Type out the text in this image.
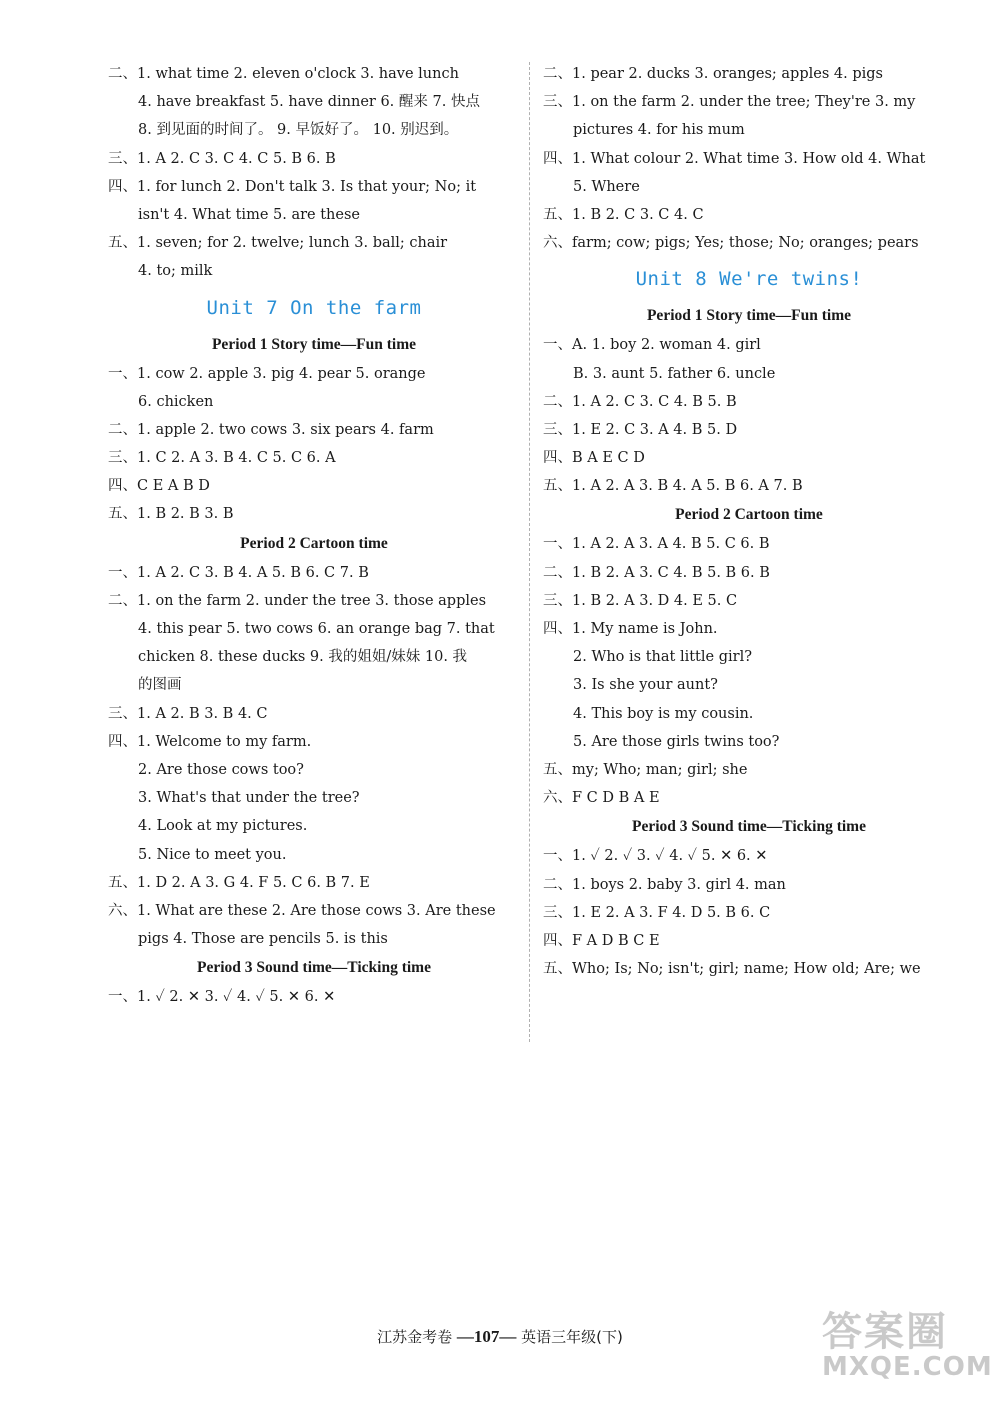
二、1. what time 2. eleven o'clock 3. have lunch
4. have breakfast 5. have dinner 6. 醒来 7. 快点
8. 到见面的时间了。 9. 早饭好了。 10. 别迟到。
三、1. A 2. C 3. C 4. C 5. B 6. B
四、1. for lunch 2. Don't talk 3. Is that your; No; it
isn't 4. What time 5. are these
五、1. seven; for 2. twelve; lunch 3. ball; chair
4. to; milk
Unit 7 On the farm
Period 1 Story time—Fun time
一、1. cow 2. apple 3. pig 4. pear 5. orange
6. chicken
二、1. apple 2. two cows 3. six pears 4. farm
三、1. C 2. A 3. B 4. C 5. C 6. A
四、C E A B D
五、1. B 2. B 3. B
Period 2 Cartoon time
一、1. A 2. C 3. B 4. A 5. B 6. C 7. B
二、1. on the farm 2. under the tree 3. those apples
4. this pear 5. two cows 6. an orange bag 7. that
chicken 8. these ducks 9. 我的姐姐/妹妹 10. 我
的图画
三、1. A 2. B 3. B 4. C
四、1. Welcome to my farm.
2. Are those cows too?
3. What's that under the tree?
4. Look at my pictures.
5. Nice to meet you.
五、1. D 2. A 3. G 4. F 5. C 6. B 7. E
六、1. What are these 2. Are those cows 3. Are these
pigs 4. Those are pencils 5. is this
Period 3 Sound time—Ticking time
一、1. ✓ 2. ✕ 3. ✓ 4. ✓ 5. ✕ 6. ✕
二、1. pear 2. ducks 3. oranges; apples 4. pigs
三、1. on the farm 2. under the tree; They're 3. my
pictures 4. for his mum
四、1. What colour 2. What time 3. How old 4. What
5. Where
五、1. B 2. C 3. C 4. C
六、farm; cow; pigs; Yes; those; No; oranges; pears
Unit 8 We're twins!
Period 1 Story time—Fun time
一、A. 1. boy 2. woman 4. girl
B. 3. aunt 5. father 6. uncle
二、1. A 2. C 3. C 4. B 5. B
三、1. E 2. C 3. A 4. B 5. D
四、B A E C D
五、1. A 2. A 3. B 4. A 5. B 6. A 7. B
Period 2 Cartoon time
一、1. A 2. A 3. A 4. B 5. C 6. B
二、1. B 2. A 3. C 4. B 5. B 6. B
三、1. B 2. A 3. D 4. E 5. C
四、1. My name is John.
2. Who is that little girl?
3. Is she your aunt?
4. This boy is my cousin.
5. Are those girls twins too?
五、my; Who; man; girl; she
六、F C D B A E
Period 3 Sound time—Ticking time
一、1. ✓ 2. ✓ 3. ✓ 4. ✓ 5. ✕ 6. ✕
二、1. boys 2. baby 3. girl 4. man
三、1. E 2. A 3. F 4. D 5. B 6. C
四、F A D B C E
五、Who; Is; No; isn't; girl; name; How old; Are; we
江苏金考卷 —107— 英语三年级(下)	答案圈
MXQE.COM
